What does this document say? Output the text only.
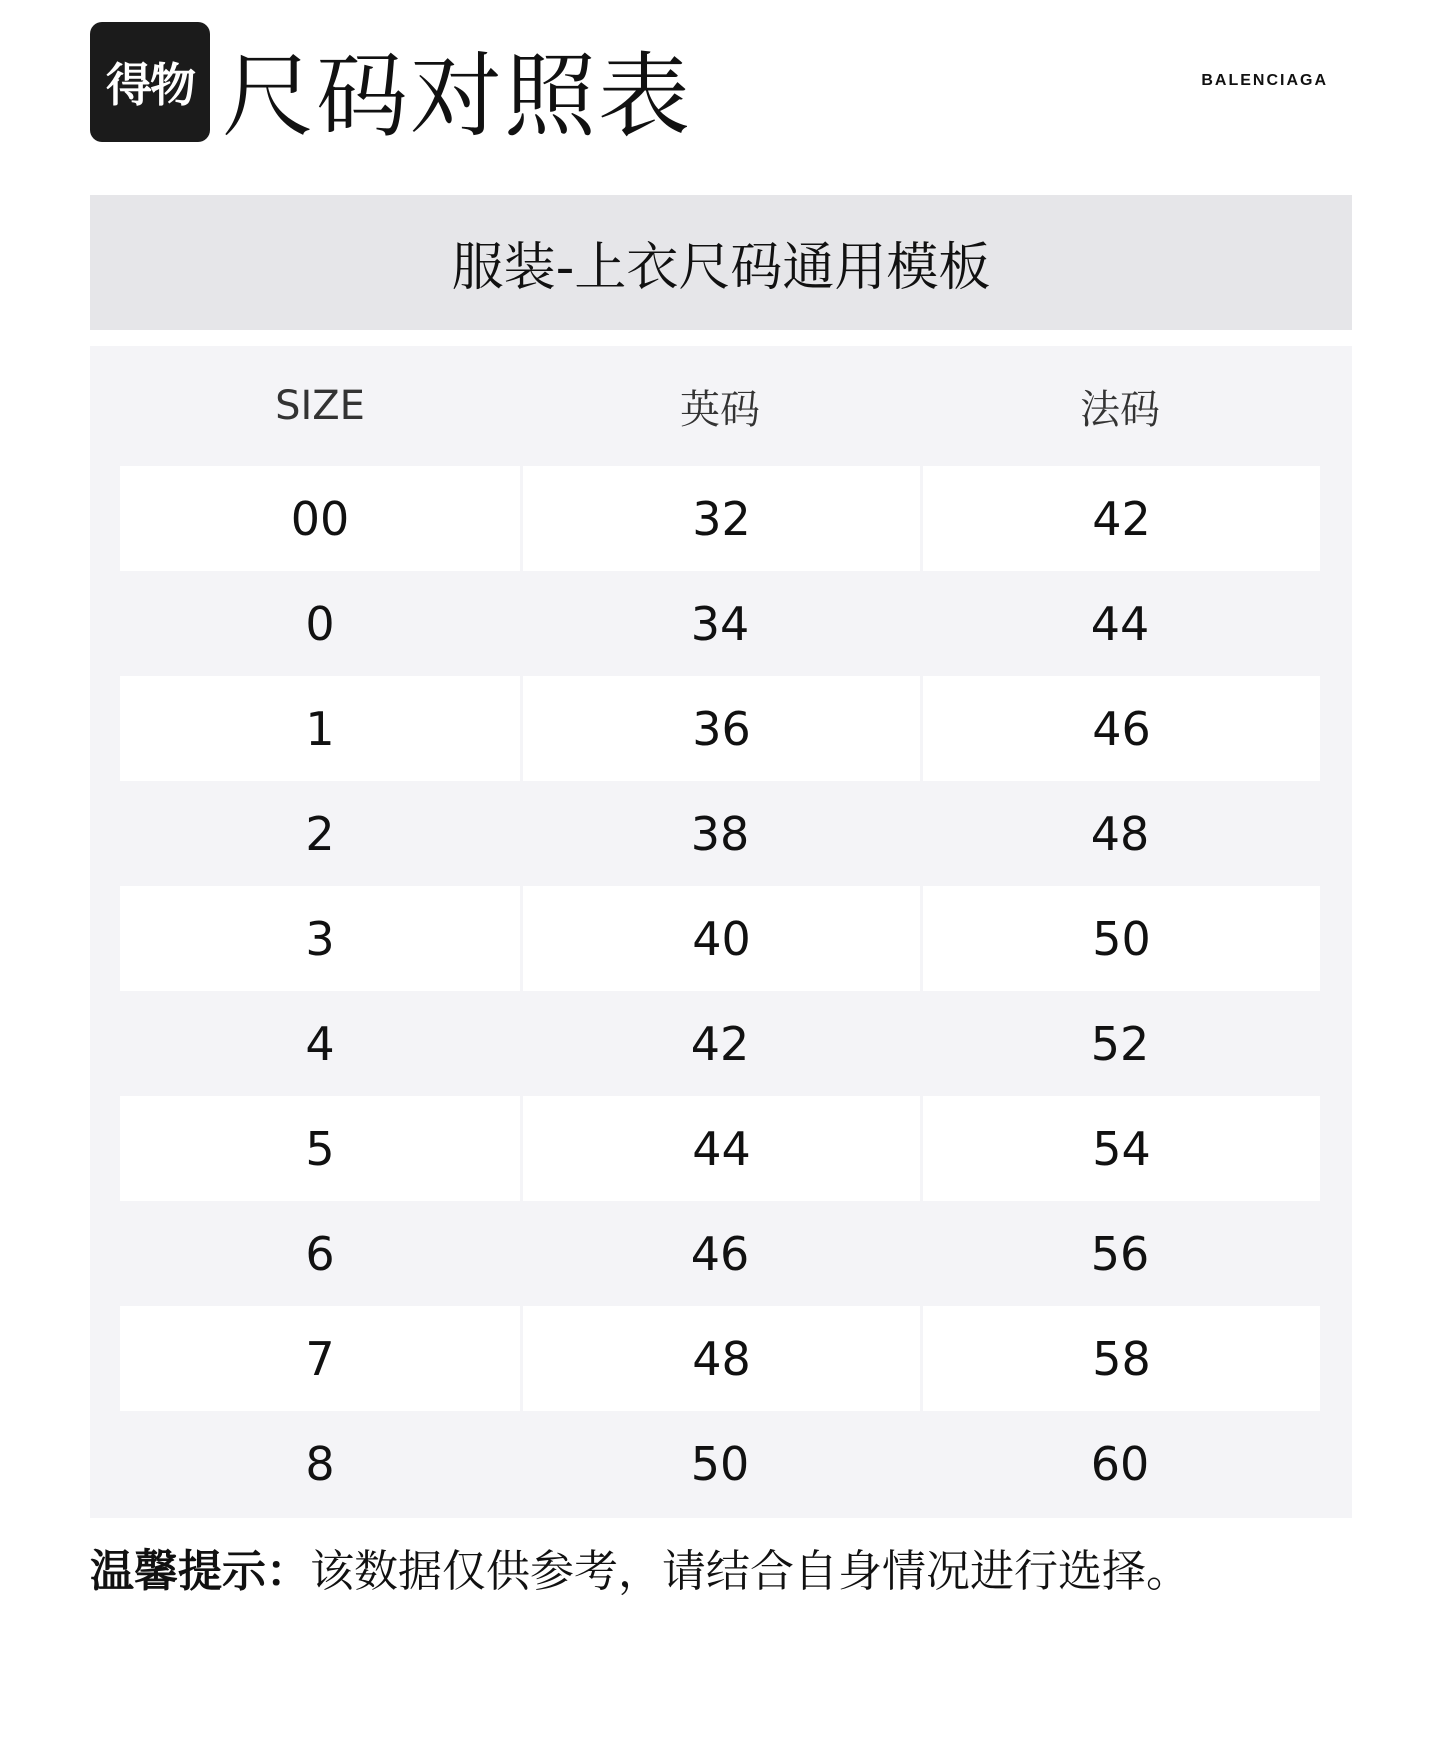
得物 尺码对照表	BALENCIAGA
服装-上衣尺码通用模板
SIZE	英码	法码
00	32	42
0	34	44
1	36	46
2	38	48
3	40	50
4	42	52
5	44	54
6	46	56
7	48	58
8	50	60
温馨提示：该数据仅供参考，请结合自身情况进行选择。
